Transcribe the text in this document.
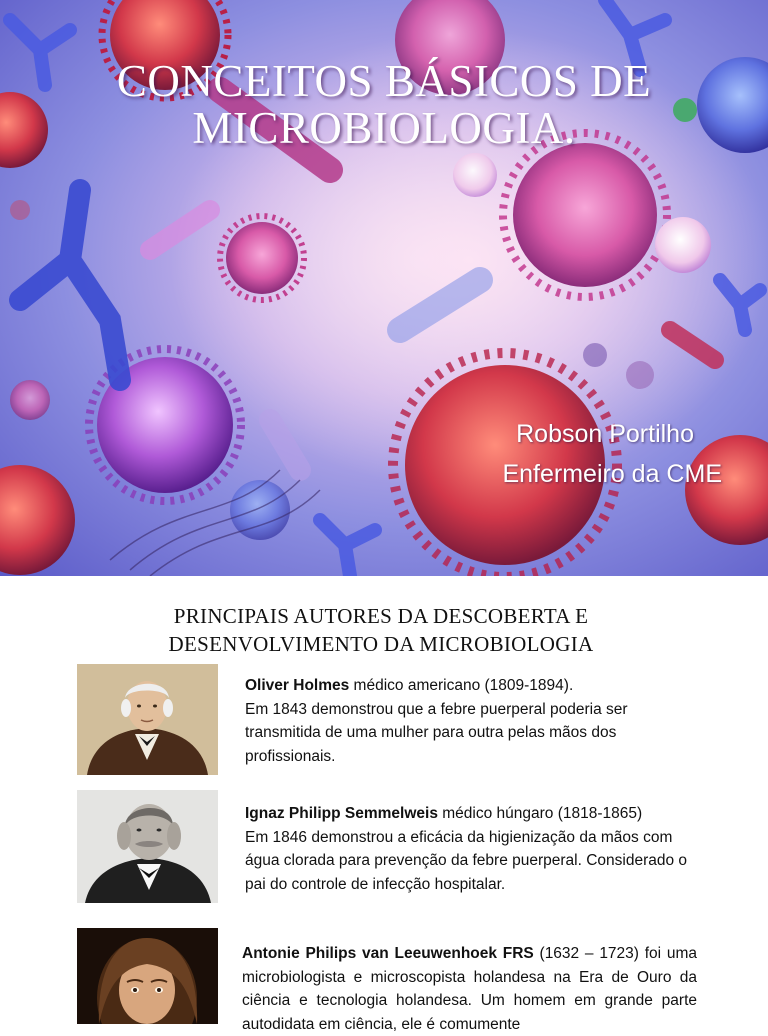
CONCEITOS BÁSICOS DE
MICROBIOLOGIA.
Robson Portilho
Enfermeiro da CME
PRINCIPAIS AUTORES DA DESCOBERTA E
DESENVOLVIMENTO DA MICROBIOLOGIA
Oliver Holmes médico americano (1809-1894).
Em 1843 demonstrou que a febre puerperal poderia ser transmitida de uma mulher para outra pelas mãos dos profissionais.
Ignaz Philipp Semmelweis médico húngaro (1818-1865)
Em 1846 demonstrou a eficácia da higienização da mãos com água clorada para prevenção da febre puerperal. Considerado o pai do controle de infecção hospitalar.
Antonie Philips van Leeuwenhoek FRS (1632 – 1723) foi uma microbiologista e microscopista holandesa na Era de Ouro da ciência e tecnologia holandesa. Um homem em grande parte autodidata em ciência, ele é comumente
